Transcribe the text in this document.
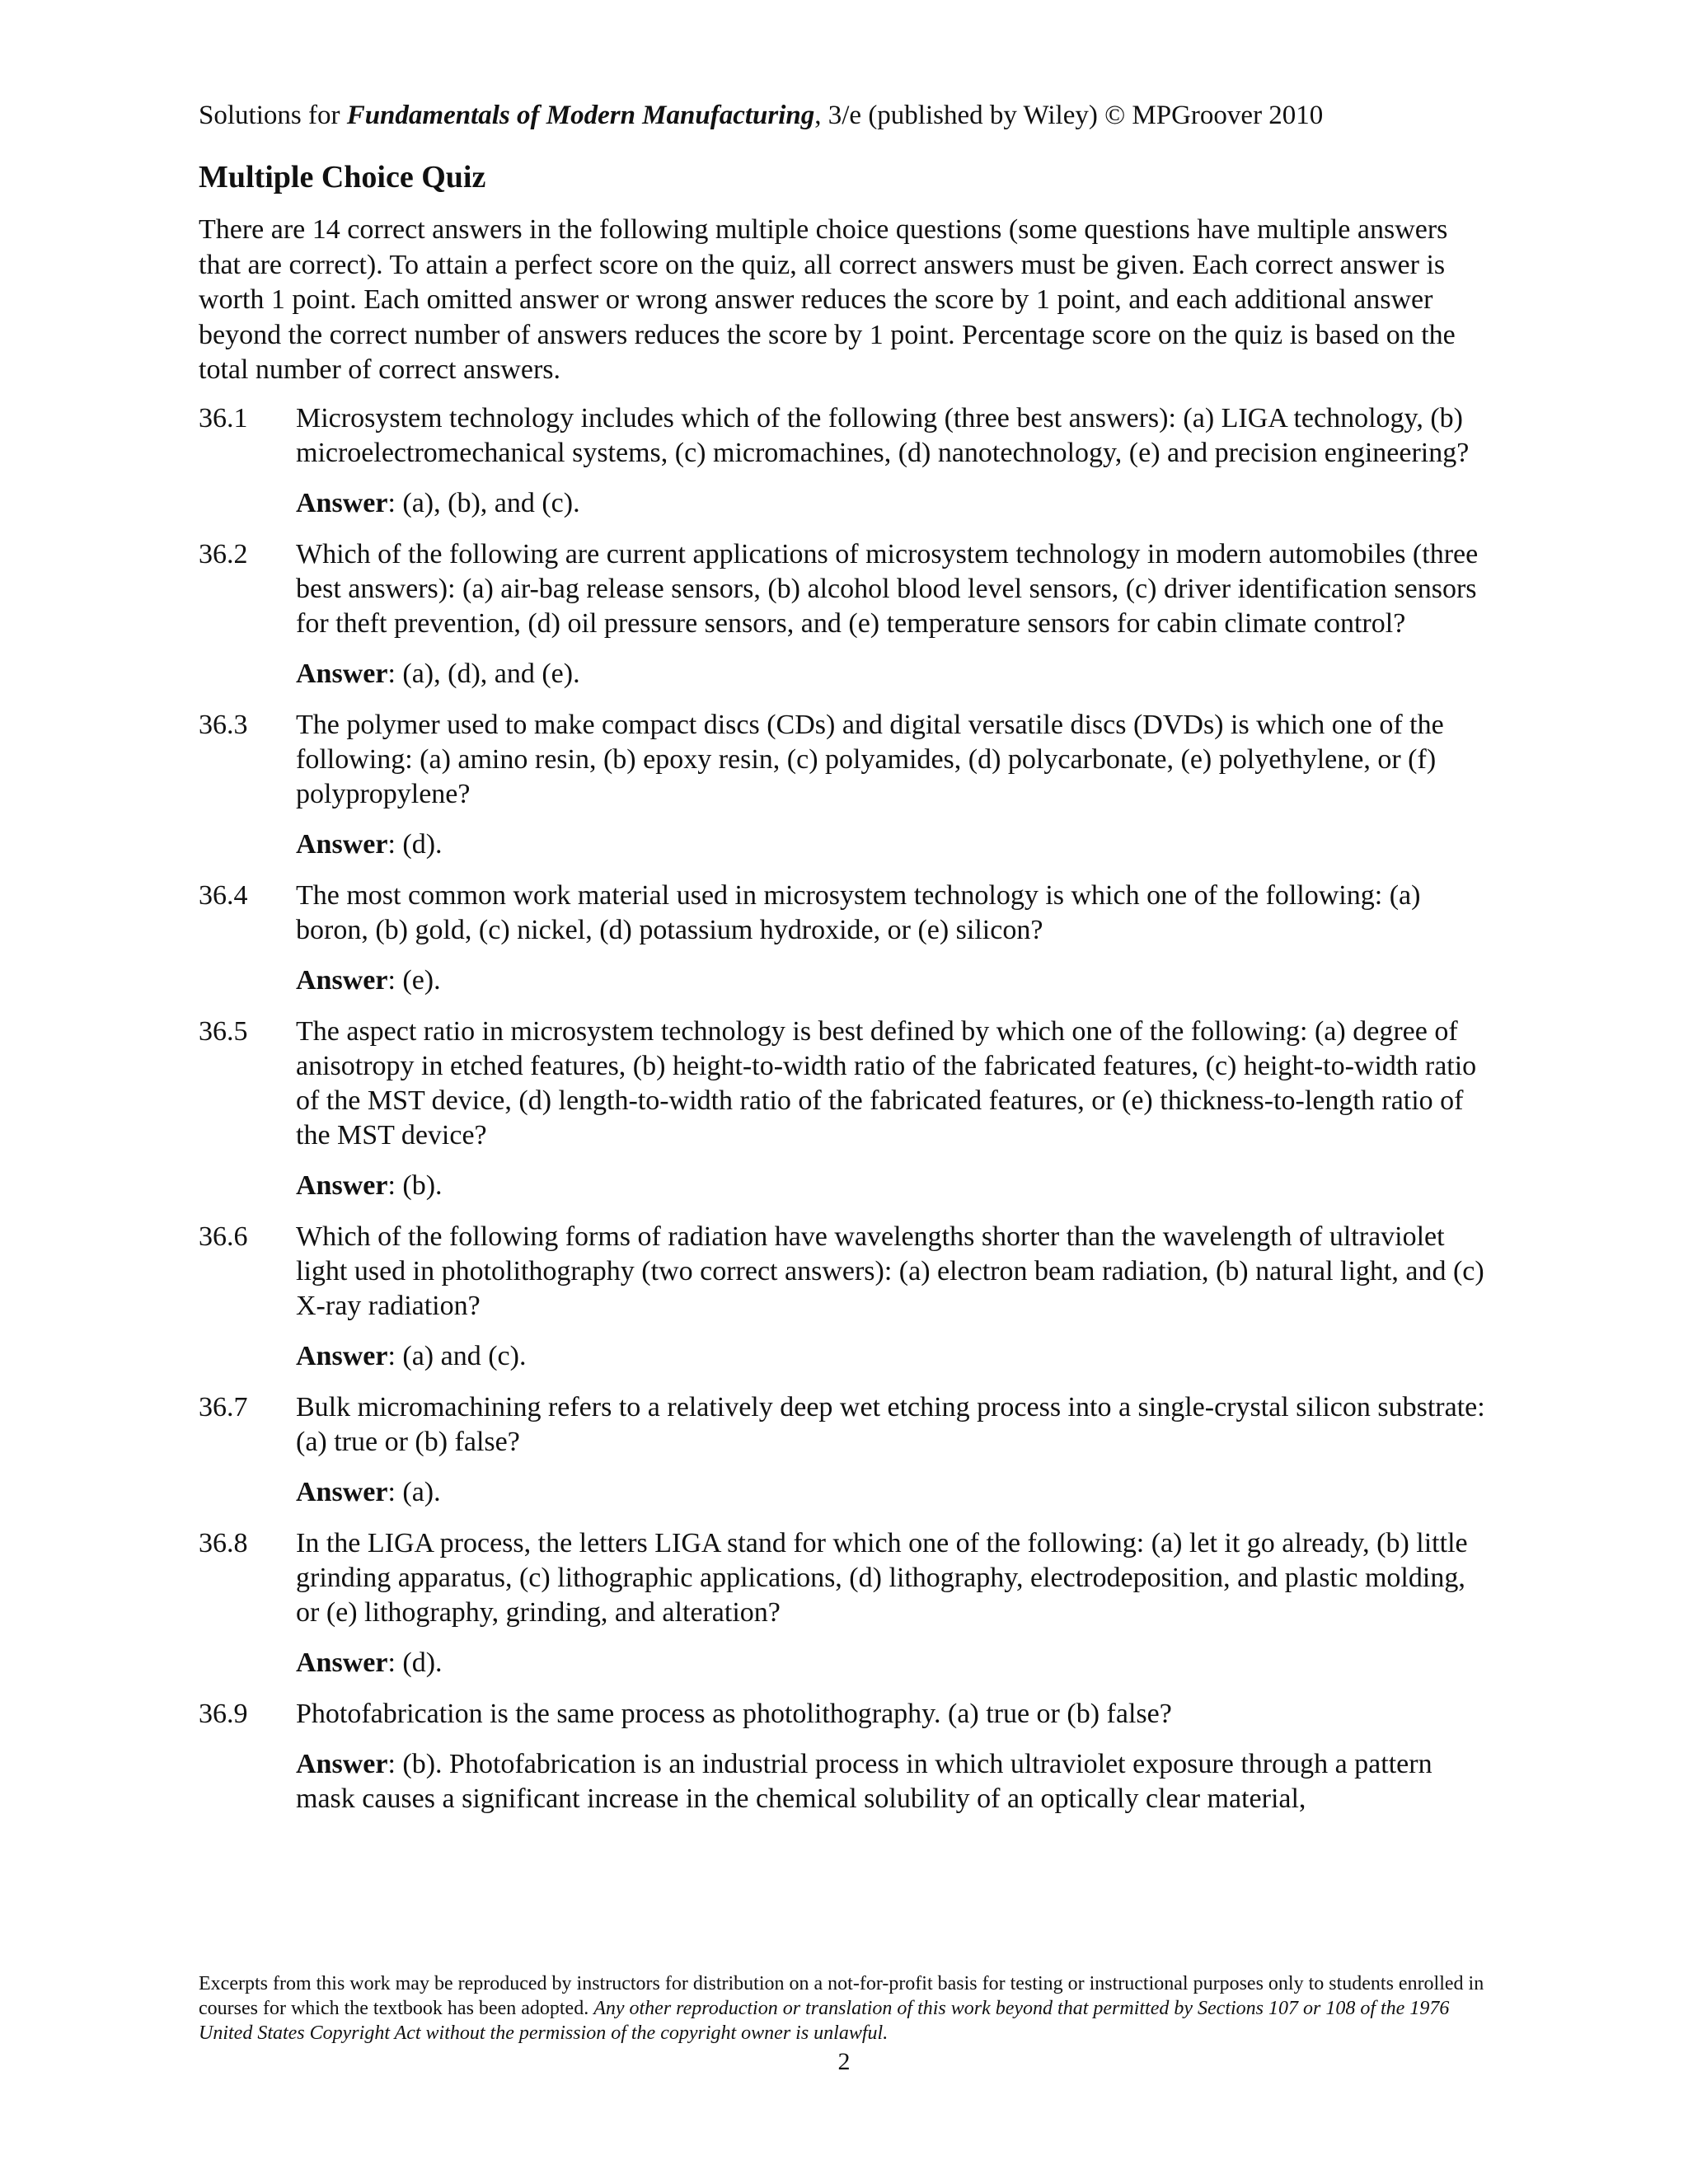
Solutions for Fundamentals of Modern Manufacturing, 3/e (published by Wiley) © MPGroover 2010
Multiple Choice Quiz

There are 14 correct answers in the following multiple choice questions (some questions have multiple answers that are correct). To attain a perfect score on the quiz, all correct answers must be given. Each correct answer is worth 1 point. Each omitted answer or wrong answer reduces the score by 1 point, and each additional answer beyond the correct number of answers reduces the score by 1 point. Percentage score on the quiz is based on the total number of correct answers.

36.1	Microsystem technology includes which of the following (three best answers): (a) LIGA technology, (b) microelectromechanical systems, (c) micromachines, (d) nanotechnology, (e) and precision engineering?
Answer: (a), (b), and (c).
36.2	Which of the following are current applications of microsystem technology in modern automobiles (three best answers): (a) air-bag release sensors, (b) alcohol blood level sensors, (c) driver identification sensors for theft prevention, (d) oil pressure sensors, and (e) temperature sensors for cabin climate control?
Answer: (a), (d), and (e).
36.3	The polymer used to make compact discs (CDs) and digital versatile discs (DVDs) is which one of the following: (a) amino resin, (b) epoxy resin, (c) polyamides, (d) polycarbonate, (e) polyethylene, or (f) polypropylene?
Answer: (d).
36.4	The most common work material used in microsystem technology is which one of the following: (a) boron, (b) gold, (c) nickel, (d) potassium hydroxide, or (e) silicon?
Answer: (e).
36.5	The aspect ratio in microsystem technology is best defined by which one of the following: (a) degree of anisotropy in etched features, (b) height-to-width ratio of the fabricated features, (c) height-to-width ratio of the MST device, (d) length-to-width ratio of the fabricated features, or (e) thickness-to-length ratio of the MST device?
Answer: (b).
36.6	Which of the following forms of radiation have wavelengths shorter than the wavelength of ultraviolet light used in photolithography (two correct answers): (a) electron beam radiation, (b) natural light, and (c) X-ray radiation?
Answer: (a) and (c).
36.7	Bulk micromachining refers to a relatively deep wet etching process into a single-crystal silicon substrate: (a) true or (b) false?
Answer: (a).
36.8	In the LIGA process, the letters LIGA stand for which one of the following: (a) let it go already, (b) little grinding apparatus, (c) lithographic applications, (d) lithography, electrodeposition, and plastic molding, or (e) lithography, grinding, and alteration?
Answer: (d).
36.9	Photofabrication is the same process as photolithography. (a) true or (b) false?
Answer: (b). Photofabrication is an industrial process in which ultraviolet exposure through a pattern mask causes a significant increase in the chemical solubility of an optically clear material,
Excerpts from this work may be reproduced by instructors for distribution on a not-for-profit basis for testing or instructional purposes only to students enrolled in courses for which the textbook has been adopted. Any other reproduction or translation of this work beyond that permitted by Sections 107 or 108 of the 1976 United States Copyright Act without the permission of the copyright owner is unlawful.
2
